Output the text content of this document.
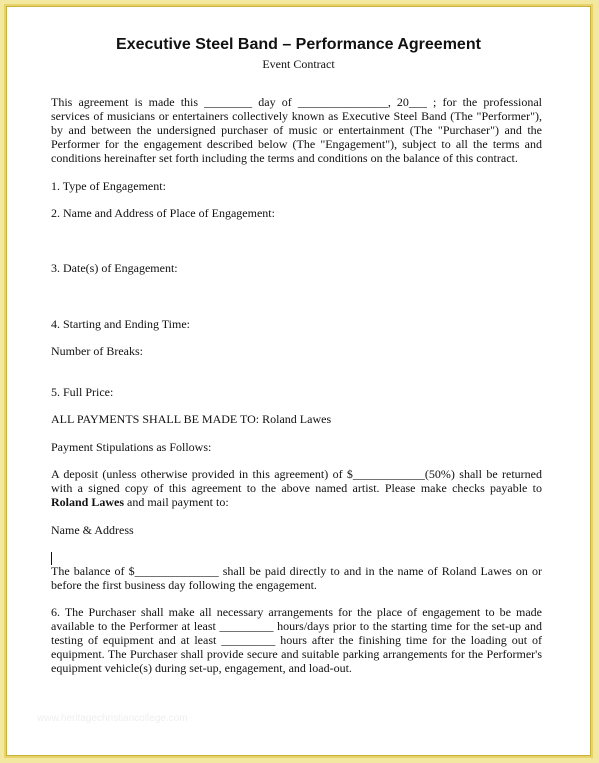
Executive Steel Band – Performance Agreement
Event Contract
This agreement is made this ________ day of _______________, 20___ ; for the professional services of musicians or entertainers collectively known as Executive Steel Band (The "Performer"), by and between the undersigned purchaser of music or entertainment (The "Purchaser") and the Performer for the engagement described below (The "Engagement"), subject to all the terms and conditions hereinafter set forth including the terms and conditions on the balance of this contract.
1. Type of Engagement:
2. Name and Address of Place of Engagement:
3. Date(s) of Engagement:
4. Starting and Ending Time:
Number of Breaks:
5. Full Price:
ALL PAYMENTS SHALL BE MADE TO: Roland Lawes
Payment Stipulations as Follows:
A deposit (unless otherwise provided in this agreement) of $____________(50%) shall be returned with a signed copy of this agreement to the above named artist. Please make checks payable to Roland Lawes and mail payment to:
Name & Address
The balance of $______________ shall be paid directly to and in the name of Roland Lawes on or before the first business day following the engagement.
6. The Purchaser shall make all necessary arrangements for the place of engagement to be made available to the Performer at least _________ hours/days prior to the starting time for the set-up and testing of equipment and at least _________ hours after the finishing time for the loading out of equipment. The Purchaser shall provide secure and suitable parking arrangements for the Performer's equipment vehicle(s) during set-up, engagement, and load-out.
www.heritagechristiancollege.com
